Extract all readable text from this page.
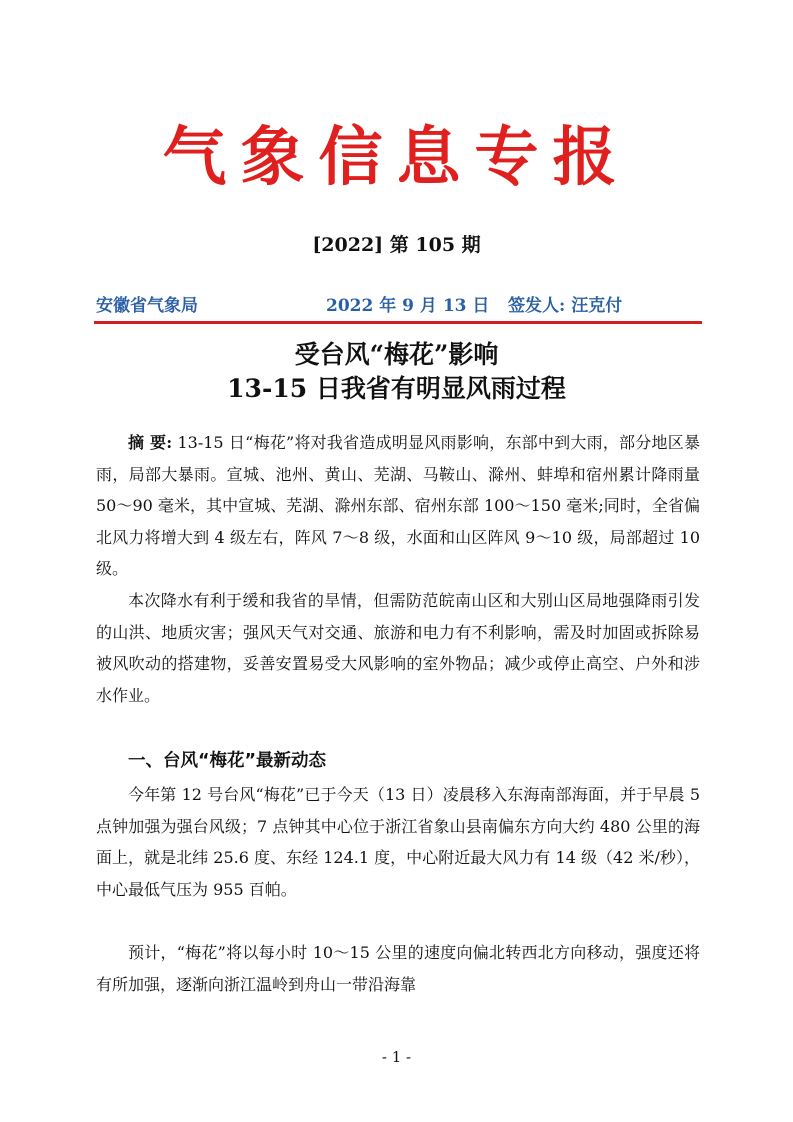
气象信息专报
[2022] 第 105 期
安徽省气象局	2022 年 9 月 13 日 签发人: 汪克付
受台风“梅花”影响
13-15 日我省有明显风雨过程

摘 要: 13-15 日“梅花”将对我省造成明显风雨影响，东部中到大雨，部分地区暴雨，局部大暴雨。宣城、池州、黄山、芜湖、马鞍山、滁州、蚌埠和宿州累计降雨量 50～90 毫米，其中宣城、芜湖、滁州东部、宿州东部 100～150 毫米;同时，全省偏北风力将增大到 4 级左右，阵风 7～8 级，水面和山区阵风 9～10 级，局部超过 10 级。

本次降水有利于缓和我省的旱情，但需防范皖南山区和大别山区局地强降雨引发的山洪、地质灾害；强风天气对交通、旅游和电力有不利影响，需及时加固或拆除易被风吹动的搭建物，妥善安置易受大风影响的室外物品；减少或停止高空、户外和涉水作业。

一、台风“梅花”最新动态

今年第 12 号台风“梅花”已于今天（13 日）凌晨移入东海南部海面，并于早晨 5 点钟加强为强台风级；7 点钟其中心位于浙江省象山县南偏东方向大约 480 公里的海面上，就是北纬 25.6 度、东经 124.1 度，中心附近最大风力有 14 级（42 米/秒），中心最低气压为 955 百帕。

预计，“梅花”将以每小时 10～15 公里的速度向偏北转西北方向移动，强度还将有所加强，逐渐向浙江温岭到舟山一带沿海靠

- 1 -
